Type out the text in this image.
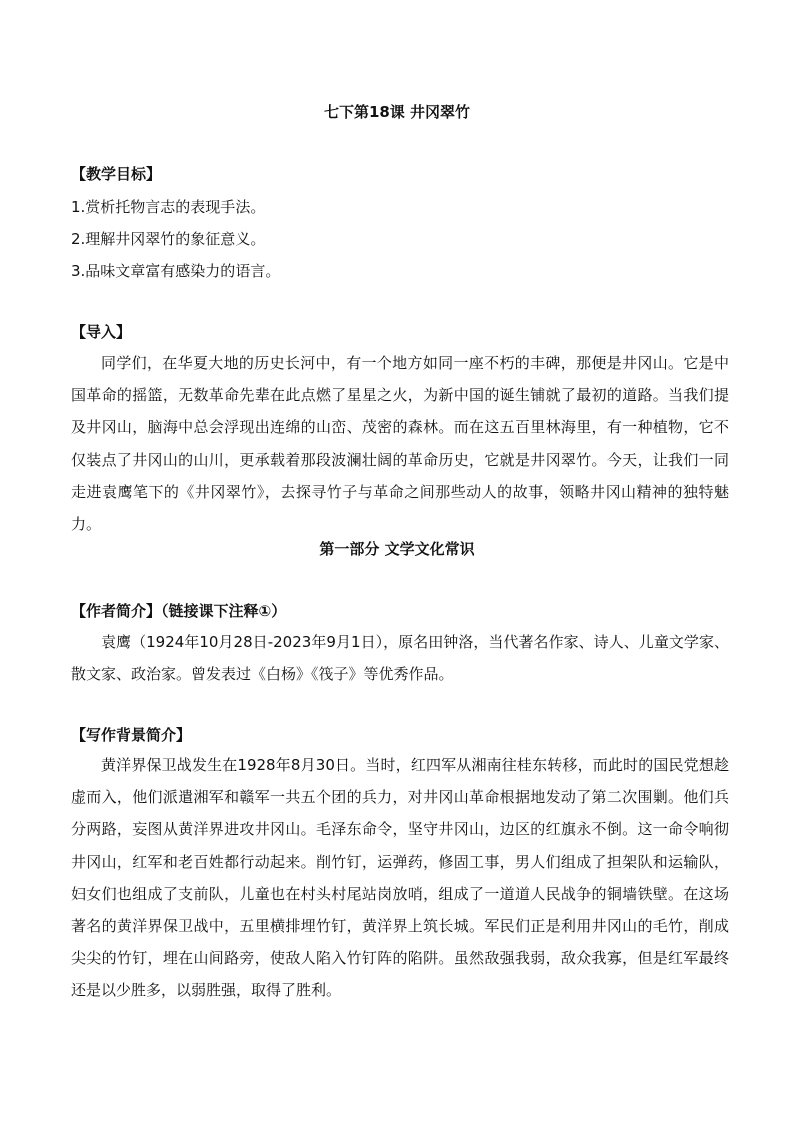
七下第18课 井冈翠竹
【教学目标】
1.赏析托物言志的表现手法。
2.理解井冈翠竹的象征意义。
3.品味文章富有感染力的语言。
【导入】

同学们，在华夏大地的历史长河中，有一个地方如同一座不朽的丰碑，那便是井冈山。它是中国革命的摇篮，无数革命先辈在此点燃了星星之火，为新中国的诞生铺就了最初的道路。当我们提及井冈山，脑海中总会浮现出连绵的山峦、茂密的森林。而在这五百里林海里，有一种植物，它不仅装点了井冈山的山川，更承载着那段波澜壮阔的革命历史，它就是井冈翠竹。今天，让我们一同走进袁鹰笔下的《井冈翠竹》，去探寻竹子与革命之间那些动人的故事，领略井冈山精神的独特魅力。

第一部分 文学文化常识
【作者简介】（链接课下注释①）

袁鹰（1924年10月28日-2023年9月1日），原名田钟洛，当代著名作家、诗人、儿童文学家、散文家、政治家。曾发表过《白杨》《筏子》等优秀作品。

【写作背景简介】

黄洋界保卫战发生在1928年8月30日。当时，红四军从湘南往桂东转移，而此时的国民党想趁虚而入，他们派遣湘军和赣军一共五个团的兵力，对井冈山革命根据地发动了第二次围剿。他们兵分两路，妄图从黄洋界进攻井冈山。毛泽东命令，坚守井冈山，边区的红旗永不倒。这一命令响彻井冈山，红军和老百姓都行动起来。削竹钉，运弹药，修固工事，男人们组成了担架队和运输队，妇女们也组成了支前队，儿童也在村头村尾站岗放哨，组成了一道道人民战争的铜墙铁壁。在这场著名的黄洋界保卫战中，五里横排埋竹钉，黄洋界上筑长城。军民们正是利用井冈山的毛竹，削成尖尖的竹钉，埋在山间路旁，使敌人陷入竹钉阵的陷阱。虽然敌强我弱，敌众我寡，但是红军最终还是以少胜多，以弱胜强，取得了胜利。
